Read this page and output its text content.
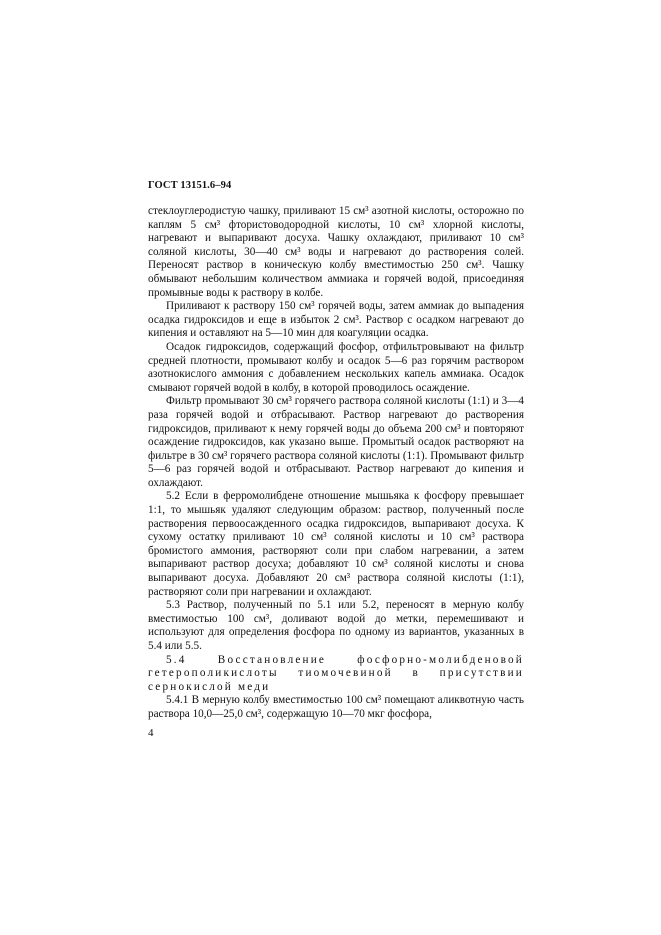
ГОСТ 13151.6–94

стеклоуглеродистую чашку, приливают 15 см³ азотной кислоты, осторожно по каплям 5 см³ фтористоводородной кислоты, 10 см³ хлорной кислоты, нагревают и выпаривают досуха. Чашку охлаждают, приливают 10 см³ соляной кислоты, 30—40 см³ воды и нагревают до растворения солей. Переносят раствор в коническую колбу вместимостью 250 см³. Чашку обмывают небольшим количеством аммиака и горячей водой, присоединяя промывные воды к раствору в колбе.

Приливают к раствору 150 см³ горячей воды, затем аммиак до выпадения осадка гидроксидов и еще в избыток 2 см³. Раствор с осадком нагревают до кипения и оставляют на 5—10 мин для коагуляции осадка.

Осадок гидроксидов, содержащий фосфор, отфильтровывают на фильтр средней плотности, промывают колбу и осадок 5—6 раз горячим раствором азотнокислого аммония с добавлением нескольких капель аммиака. Осадок смывают горячей водой в колбу, в которой проводилось осаждение.

Фильтр промывают 30 см³ горячего раствора соляной кислоты (1:1) и 3—4 раза горячей водой и отбрасывают. Раствор нагревают до растворения гидроксидов, приливают к нему горячей воды до объема 200 см³ и повторяют осаждение гидроксидов, как указано выше. Промытый осадок растворяют на фильтре в 30 см³ горячего раствора соляной кислоты (1:1). Промывают фильтр 5—6 раз горячей водой и отбрасывают. Раствор нагревают до кипения и охлаждают.

5.2 Если в ферромолибдене отношение мышьяка к фосфору превышает 1:1, то мышьяк удаляют следующим образом: раствор, полученный после растворения первоосажденного осадка гидроксидов, выпаривают досуха. К сухому остатку приливают 10 см³ соляной кислоты и 10 см³ раствора бромистого аммония, растворяют соли при слабом нагревании, а затем выпаривают раствор досуха; добавляют 10 см³ соляной кислоты и снова выпаривают досуха. Добавляют 20 см³ раствора соляной кислоты (1:1), растворяют соли при нагревании и охлаждают.

5.3 Раствор, полученный по 5.1 или 5.2, переносят в мерную колбу вместимостью 100 см³, доливают водой до метки, перемешивают и используют для определения фосфора по одному из вариантов, указанных в 5.4 или 5.5.

5.4 Восстановление фосфорно-молибденовой гетерополикислоты тиомочевиной в присутствии сернокислой меди

5.4.1 В мерную колбу вместимостью 100 см³ помещают аликвотную часть раствора 10,0—25,0 см³, содержащую 10—70 мкг фосфора,

4
